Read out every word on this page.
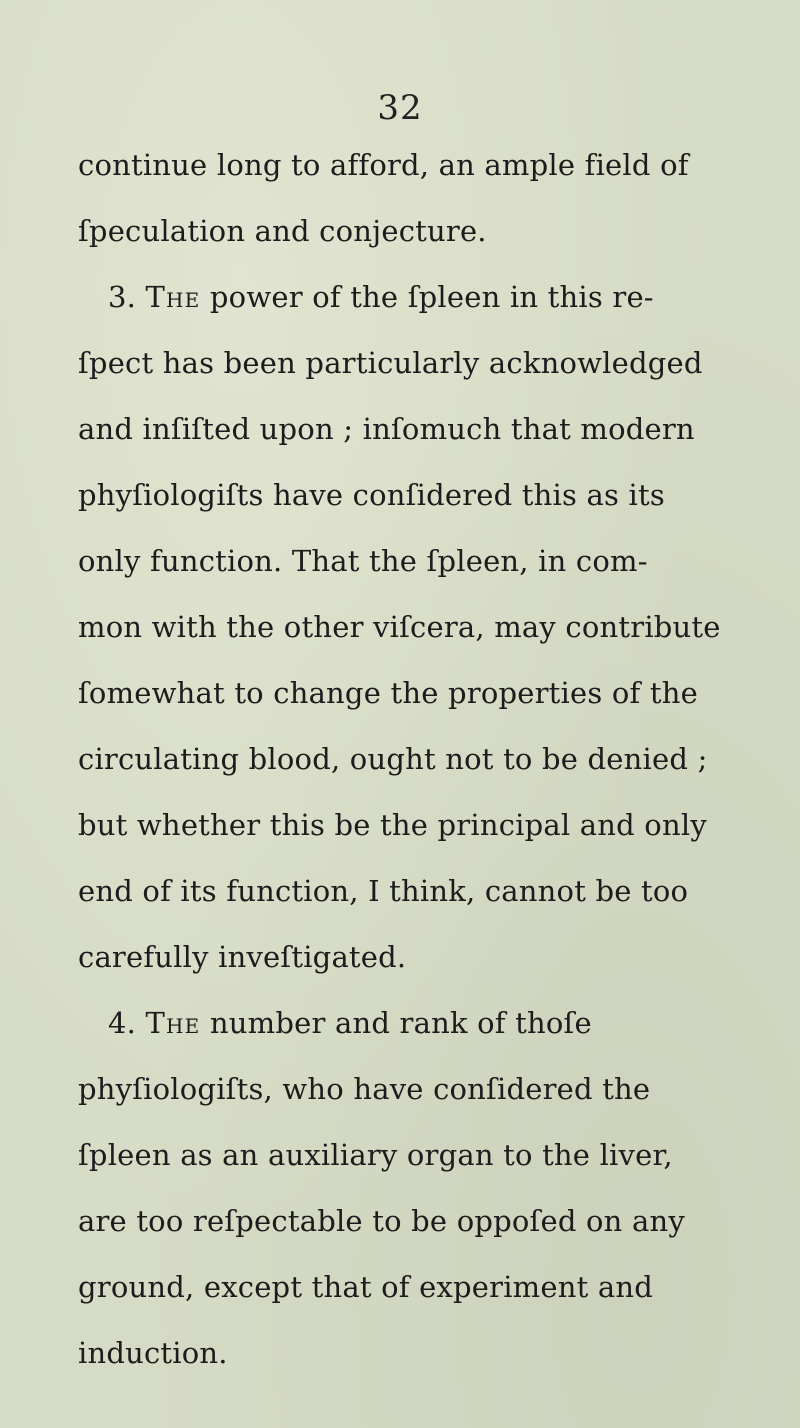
32
continue long to afford, an ample field of
ſpeculation and conjecture.
3. The power of the ſpleen in this re-
ſpect has been particularly acknowledged
and inſiſted upon ; inſomuch that modern
phyſiologiſts have conſidered this as its
only function. That the ſpleen, in com-
mon with the other viſcera, may contribute
ſomewhat to change the properties of the
circulating blood, ought not to be denied ;
but whether this be the principal and only
end of its function, I think, cannot be too
carefully inveſtigated.
4. The number and rank of thoſe
phyſiologiſts, who have conſidered the
ſpleen as an auxiliary organ to the liver,
are too reſpectable to be oppoſed on any
ground, except that of experiment and
induction.
